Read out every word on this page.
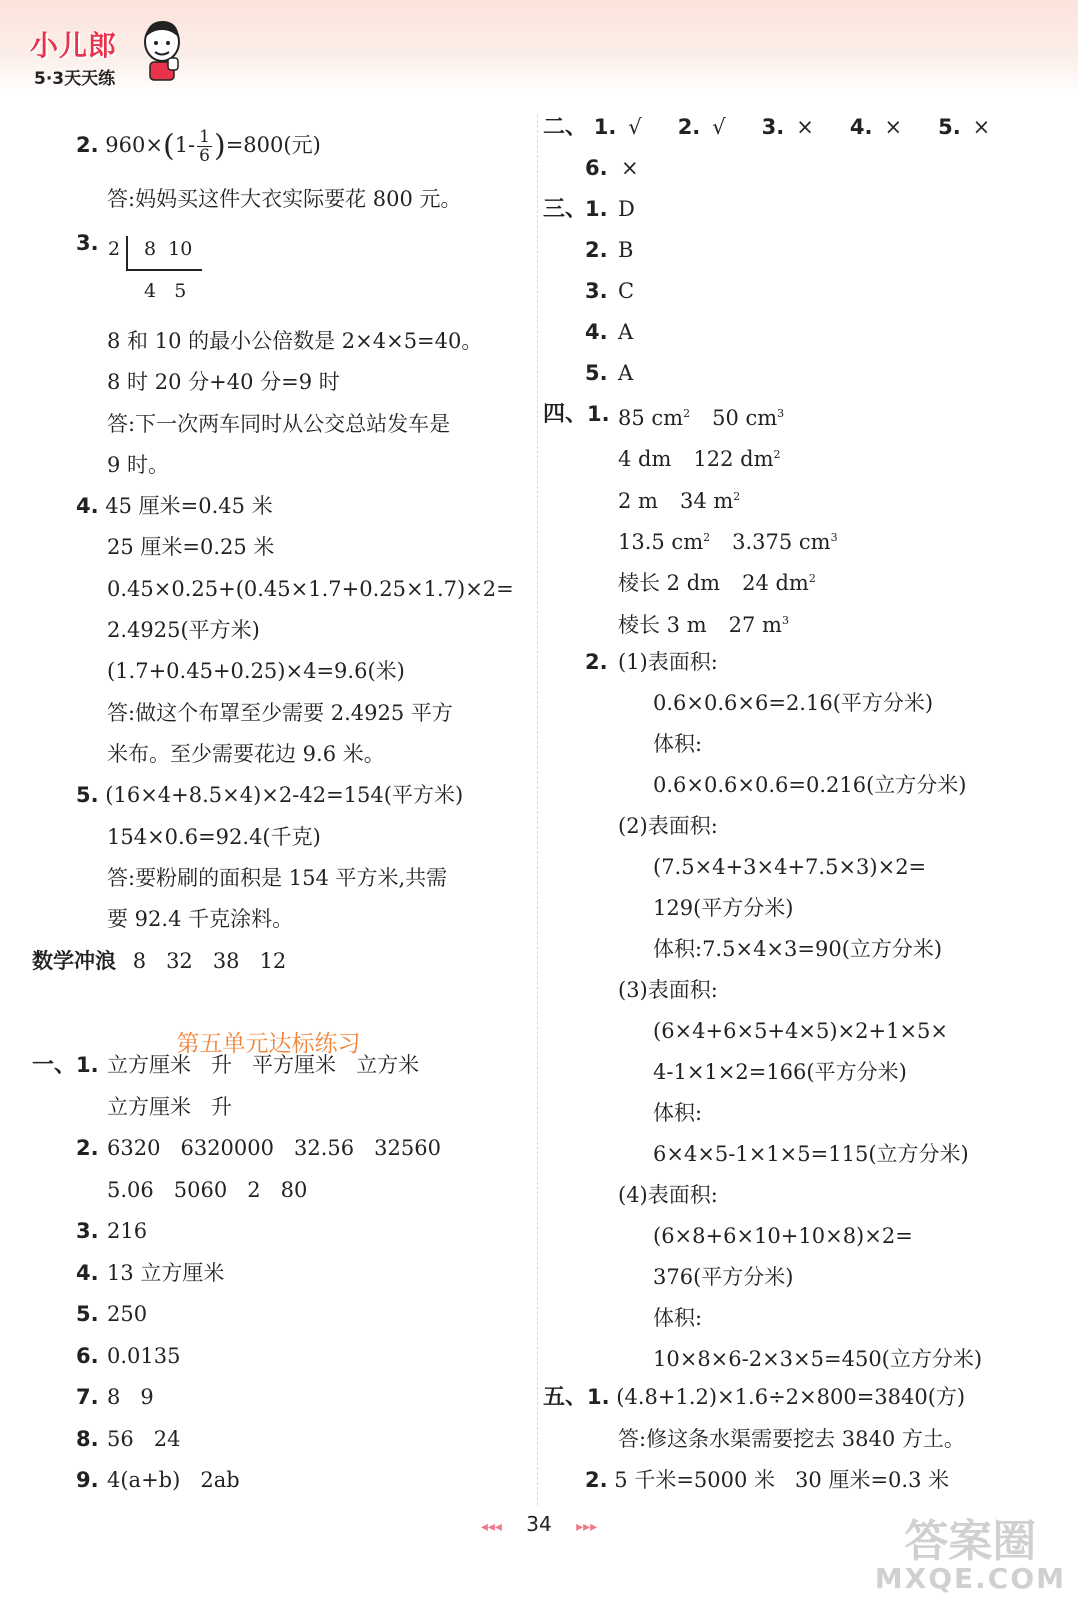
小儿郎
5·3天天练
2. $960\times(1- \frac{1}{6} )=800$(元)
答:妈妈买这件大衣实际要花 800 元。
3. 2 8  10
4   5
8 和 10 的最小公倍数是 2×4×5=40。
8 时 20 分+40 分=9 时
答:下一次两车同时从公交总站发车是
9 时。
4. 45 厘米=0.45 米
25 厘米=0.25 米
0.45×0.25+(0.45×1.7+0.25×1.7)×2=
2.4925(平方米)
(1.7+0.45+0.25)×4=9.6(米)
答:做这个布罩至少需要 2.4925 平方
米布。至少需要花边 9.6 米。
5. (16×4+8.5×4)×2-42=154(平方米)
154×0.6=92.4(千克)
答:要粉刷的面积是 154 平方米,共需
要 92.4 千克涂料。
数学冲浪 8   32   38   12
第五单元达标练习
一、 1. 立方厘米   升   平方厘米   立方米
立方厘米   升
2. 6320   6320000   32.56   32560
5.06   5060   2   80
3. 216
4. 13 立方厘米
5. 250
6. 0.0135
7. 8   9
8. 56   24
9. 4(a+b)   2ab
二、 1. √ 2. √ 3. × 4. × 5. ×
6. ×
三、
1. D
2. B
3. C
4. A
5. A
四、1. 85 $cm^2$ 50 $cm^3$
4 dm 122 $dm^2$
2 m 34 $m^2$
13.5 $cm^2$ 3.375 $cm^3$
棱长 2 dm 24 $dm^2$
棱长 3 m 27 $m^3$
2. (1)表面积:
0.6×0.6×6=2.16(平方分米)
体积:
0.6×0.6×0.6=0.216(立方分米)
(2)表面积:
(7.5×4+3×4+7.5×3)×2=
129(平方分米)
体积:7.5×4×3=90(立方分米)
(3)表面积:
(6×4+6×5+4×5)×2+1×5×
4-1×1×2=166(平方分米)
体积:
6×4×5-1×1×5=115(立方分米)
(4)表面积:
(6×8+6×10+10×8)×2=
376(平方分米)
体积:
10×8×6-2×3×5=450(立方分米)
五、1. (4.8+1.2)×1.6÷2×800=3840(方)
答:修这条水渠需要挖去 3840 方土。
2. 5 千米=5000 米   30 厘米=0.3 米
◂◂◂ 34 ▸▸▸	答案圈
MXQE.COM
